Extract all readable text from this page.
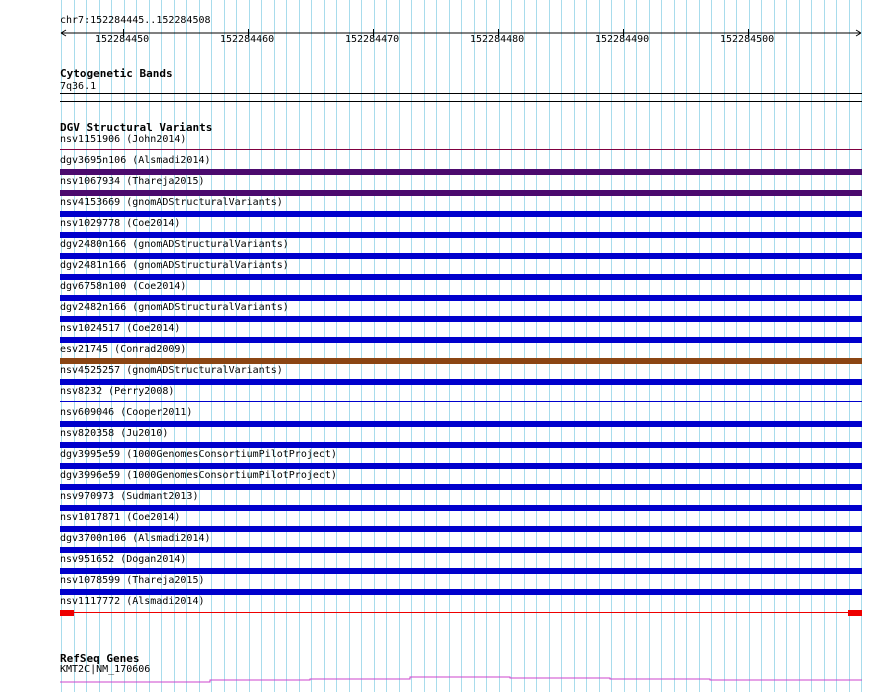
chr7:152284445..152284508
152284450	152284460	152284470	152284480	152284490	152284500
Cytogenetic Bands
7q36.1
DGV Structural Variants
nsv1151906 (John2014)
dgv3695n106 (Alsmadi2014)
nsv1067934 (Thareja2015)
nsv4153669 (gnomADStructuralVariants)
nsv1029778 (Coe2014)
dgv2480n166 (gnomADStructuralVariants)
dgv2481n166 (gnomADStructuralVariants)
dgv6758n100 (Coe2014)
dgv2482n166 (gnomADStructuralVariants)
nsv1024517 (Coe2014)
esv21745 (Conrad2009)
nsv4525257 (gnomADStructuralVariants)
nsv8232 (Perry2008)
nsv609046 (Cooper2011)
nsv820358 (Ju2010)
dgv3995e59 (1000GenomesConsortiumPilotProject)
dgv3996e59 (1000GenomesConsortiumPilotProject)
nsv970973 (Sudmant2013)
nsv1017871 (Coe2014)
dgv3700n106 (Alsmadi2014)
nsv951652 (Dogan2014)
nsv1078599 (Thareja2015)
nsv1117772 (Alsmadi2014)
RefSeq Genes
KMT2C|NM_170606
